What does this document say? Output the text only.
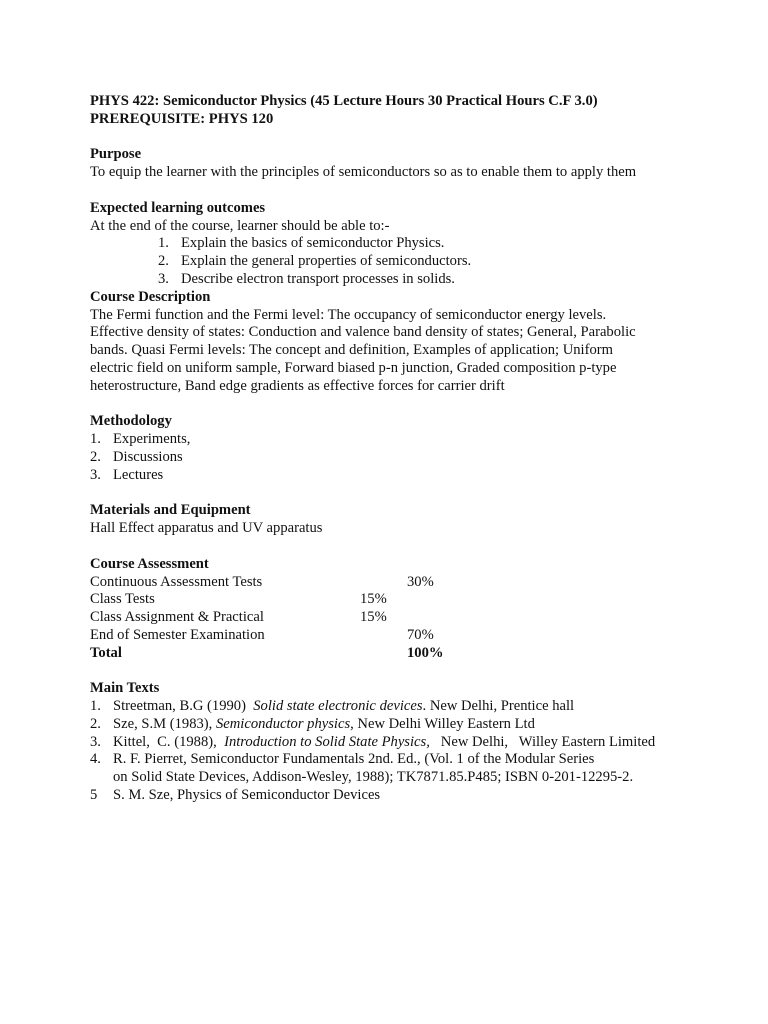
PHYS 422: Semiconductor Physics (45 Lecture Hours 30 Practical Hours C.F 3.0)
PREREQUISITE: PHYS 120
Purpose
To equip the learner with the principles of semiconductors so as to enable them to apply them
Expected learning outcomes
At the end of the course, learner should be able to:-
1. Explain the basics of semiconductor Physics.
2. Explain the general properties of semiconductors.
3. Describe electron transport processes in solids.
Course Description
The Fermi function and the Fermi level: The occupancy of semiconductor energy levels.
Effective density of states: Conduction and valence band density of states; General, Parabolic
bands. Quasi Fermi levels: The concept and definition, Examples of application; Uniform
electric field on uniform sample, Forward biased p-n junction, Graded composition p-type
heterostructure, Band edge gradients as effective forces for carrier drift
Methodology
1. Experiments,
2. Discussions
3. Lectures
Materials and Equipment
Hall Effect apparatus and UV apparatus
Course Assessment
Continuous Assessment Tests	30%
Class Tests	15%
Class Assignment & Practical	15%
End of Semester Examination	70%
Total	100%
Main Texts
1. Streetman, B.G (1990)  Solid state electronic devices. New Delhi, Prentice hall
2. Sze, S.M (1983), Semiconductor physics, New Delhi Willey Eastern Ltd
3. Kittel,  C. (1988),  Introduction to Solid State Physics,   New Delhi,   Willey Eastern Limited
4. R. F. Pierret, Semiconductor Fundamentals 2nd. Ed., (Vol. 1 of the Modular Series
on Solid State Devices, Addison-Wesley, 1988); TK7871.85.P485; ISBN 0-201-12295-2.
5 S. M. Sze, Physics of Semiconductor Devices
